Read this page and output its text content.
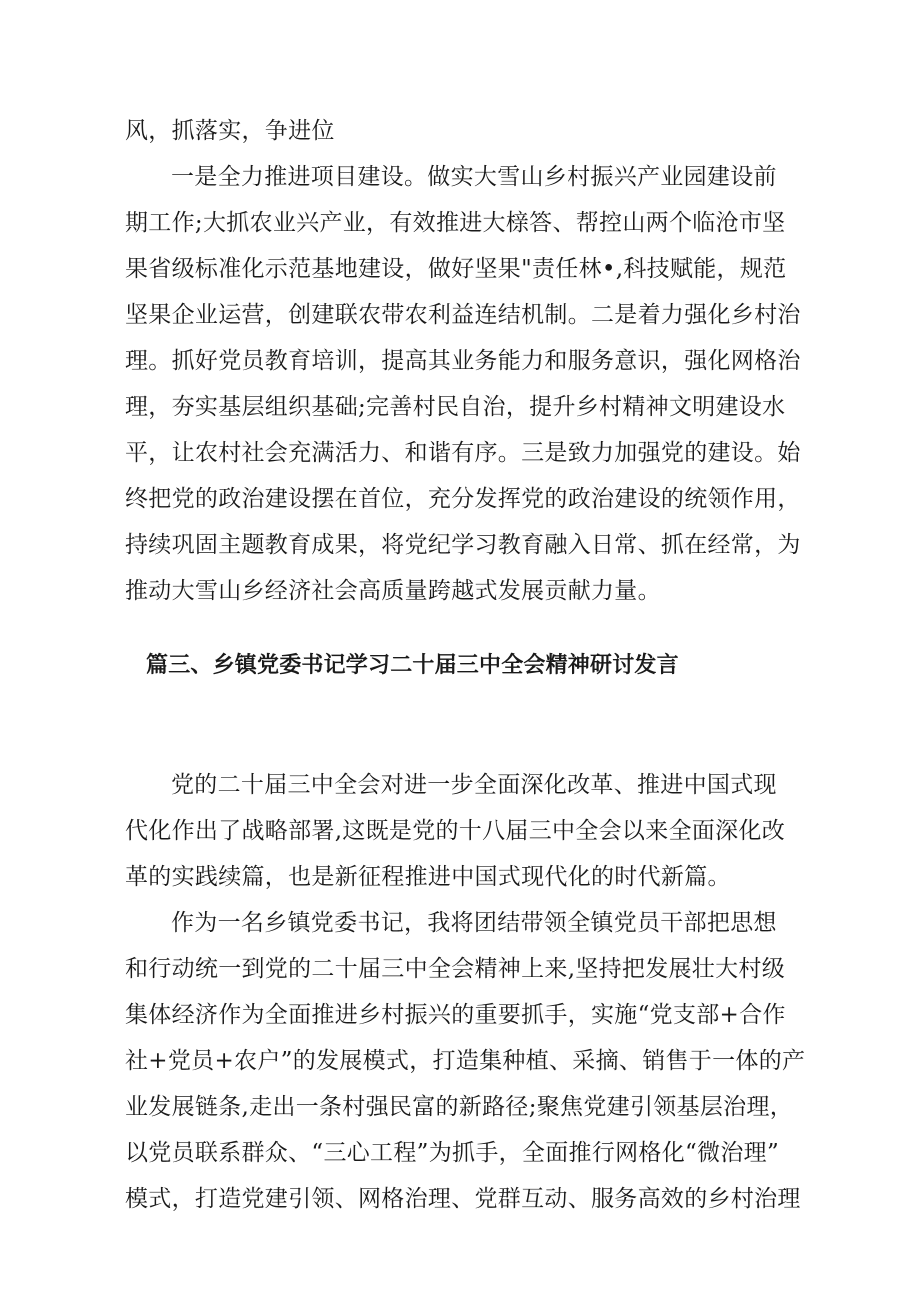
风，抓落实，争进位
一是全力推进项目建设。做实大雪山乡村振兴产业园建设前
期工作;大抓农业兴产业，有效推进大榇答、帮控山两个临沧市坚
果省级标准化示范基地建设，做好坚果"责任林•,科技赋能，规范
坚果企业运营，创建联农带农利益连结机制。二是着力强化乡村治
理。抓好党员教育培训，提高其业务能力和服务意识，强化网格治
理，夯实基层组织基础;完善村民自治，提升乡村精神文明建设水
平，让农村社会充满活力、和谐有序。三是致力加强党的建设。始
终把党的政治建设摆在首位，充分发挥党的政治建设的统领作用，
持续巩固主题教育成果，将党纪学习教育融入日常、抓在经常，为
推动大雪山乡经济社会高质量跨越式发展贡献力量。
篇三、乡镇党委书记学习二十届三中全会精神研讨发言
党的二十届三中全会对进一步全面深化改革、推进中国式现
代化作出了战略部署,这既是党的十八届三中全会以来全面深化改
革的实践续篇，也是新征程推进中国式现代化的时代新篇。
作为一名乡镇党委书记，我将团结带领全镇党员干部把思想
和行动统一到党的二十届三中全会精神上来,坚持把发展壮大村级
集体经济作为全面推进乡村振兴的重要抓手，实施“党支部+合作
社+党员+农户”的发展模式，打造集种植、采摘、销售于一体的产
业发展链条,走出一条村强民富的新路径;聚焦党建引领基层治理，
以党员联系群众、“三心工程”为抓手，全面推行网格化“微治理”
模式，打造党建引领、网格治理、党群互动、服务高效的乡村治理
